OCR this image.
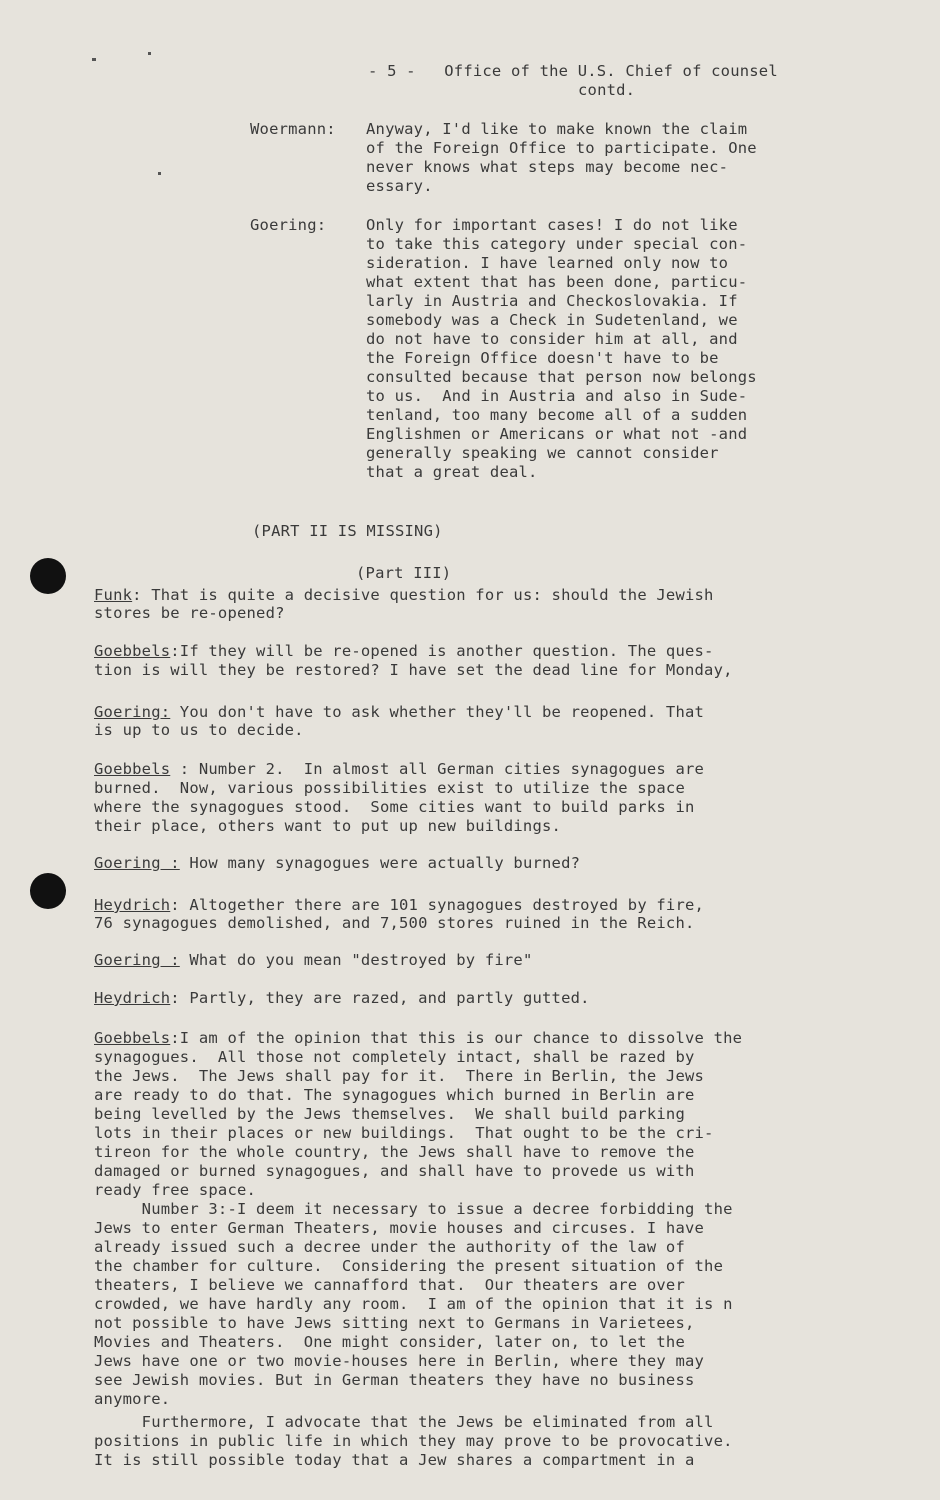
- 5 -   Office of the U.S. Chief of counsel
contd.
Woermann: Anyway, I'd like to make known the claim
of the Foreign Office to participate. One
never knows what steps may become nec-
essary.
Goering:	Only for important cases! I do not like
to take this category under special con-
sideration. I have learned only now to
what extent that has been done, particu-
larly in Austria and Checkoslovakia. If
somebody was a Check in Sudetenland, we
do not have to consider him at all, and
the Foreign Office doesn't have to be
consulted because that person now belongs
to us.  And in Austria and also in Sude-
tenland, too many become all of a sudden
Englishmen or Americans or what not -and
generally speaking we cannot consider
that a great deal.
(PART II IS MISSING)
(Part III)
Funk: That is quite a decisive question for us: should the Jewish
stores be re-opened?
Goebbels:If they will be re-opened is another question. The ques-
tion is will they be restored? I have set the dead line for Monday,
Goering: You don't have to ask whether they'll be reopened. That
is up to us to decide.
Goebbels : Number 2.  In almost all German cities synagogues are
burned.  Now, various possibilities exist to utilize the space
where the synagogues stood.  Some cities want to build parks in
their place, others want to put up new buildings.
Goering : How many synagogues were actually burned?
Heydrich: Altogether there are 101 synagogues destroyed by fire,
76 synagogues demolished, and 7,500 stores ruined in the Reich.
Goering : What do you mean "destroyed by fire"
Heydrich: Partly, they are razed, and partly gutted.
Goebbels:I am of the opinion that this is our chance to dissolve the
synagogues.  All those not completely intact, shall be razed by
the Jews.  The Jews shall pay for it.  There in Berlin, the Jews
are ready to do that. The synagogues which burned in Berlin are
being levelled by the Jews themselves.  We shall build parking
lots in their places or new buildings.  That ought to be the cri-
tireon for the whole country, the Jews shall have to remove the
damaged or burned synagogues, and shall have to provede us with
ready free space.
Number 3:-I deem it necessary to issue a decree forbidding the
Jews to enter German Theaters, movie houses and circuses. I have
already issued such a decree under the authority of the law of
the chamber for culture.  Considering the present situation of the
theaters, I believe we cannafford that.  Our theaters are over
crowded, we have hardly any room.  I am of the opinion that it is n
not possible to have Jews sitting next to Germans in Varietees,
Movies and Theaters.  One might consider, later on, to let the
Jews have one or two movie-houses here in Berlin, where they may
see Jewish movies. But in German theaters they have no business
anymore.
Furthermore, I advocate that the Jews be eliminated from all
positions in public life in which they may prove to be provocative.
It is still possible today that a Jew shares a compartment in a
